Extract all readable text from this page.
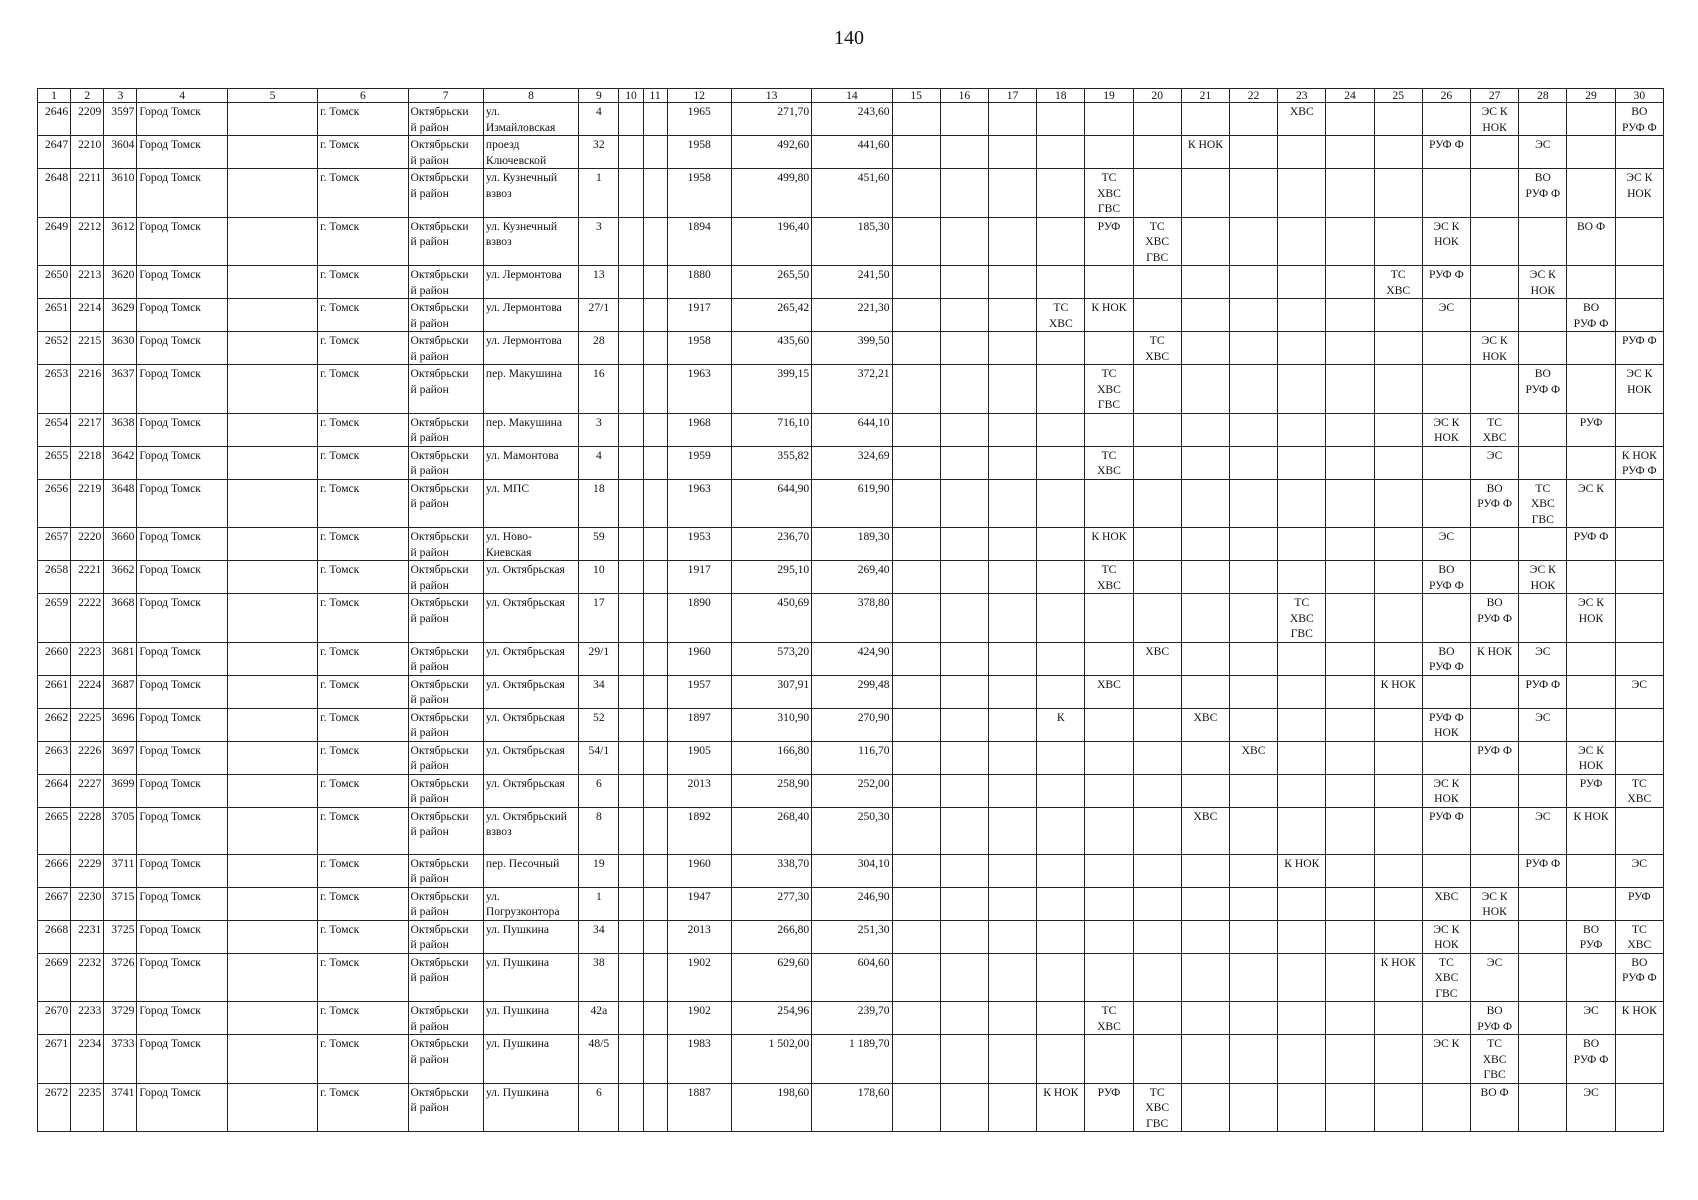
140
1	2	3	4	5	6	7	8	9	10	11	12	13	14	15	16	17	18	19	20	21	22	23	24	25	26	27	28	29	30
2646	2209	3597	Город Томск		г. Томск	Октябрьски
й район	ул.
Измайловская	4			1965	271,70	243,60									ХВС				ЭС К
НОК			ВО
РУФ Ф
2647	2210	3604	Город Томск		г. Томск	Октябрьски
й район	проезд
Ключевской	32			1958	492,60	441,60							К НОК					РУФ Ф		ЭС		
2648	2211	3610	Город Томск		г. Томск	Октябрьски
й район	ул. Кузнечный
взвоз	1			1958	499,80	451,60					ТС
ХВС
ГВС									ВО
РУФ Ф		ЭС К
НОК
2649	2212	3612	Город Томск		г. Томск	Октябрьски
й район	ул. Кузнечный
взвоз	3			1894	196,40	185,30					РУФ	ТС
ХВС
ГВС						ЭС К
НОК			ВО Ф	
2650	2213	3620	Город Томск		г. Томск	Октябрьски
й район	ул. Лермонтова	13			1880	265,50	241,50											ТС
ХВС	РУФ Ф		ЭС К
НОК		
2651	2214	3629	Город Томск		г. Томск	Октябрьски
й район	ул. Лермонтова	27/1			1917	265,42	221,30				ТС
ХВС	К НОК							ЭС			ВО
РУФ Ф	
2652	2215	3630	Город Томск		г. Томск	Октябрьски
й район	ул. Лермонтова	28			1958	435,60	399,50						ТС
ХВС							ЭС К
НОК			РУФ Ф
2653	2216	3637	Город Томск		г. Томск	Октябрьски
й район	пер. Макушина	16			1963	399,15	372,21					ТС
ХВС
ГВС									ВО
РУФ Ф		ЭС К
НОК
2654	2217	3638	Город Томск		г. Томск	Октябрьски
й район	пер. Макушина	3			1968	716,10	644,10												ЭС К
НОК	ТС
ХВС		РУФ	
2655	2218	3642	Город Томск		г. Томск	Октябрьски
й район	ул. Мамонтова	4			1959	355,82	324,69					ТС
ХВС								ЭС			К НОК
РУФ Ф
2656	2219	3648	Город Томск		г. Томск	Октябрьски
й район	ул. МПС	18			1963	644,90	619,90													ВО
РУФ Ф	ТС
ХВС
ГВС	ЭС К	
2657	2220	3660	Город Томск		г. Томск	Октябрьски
й район	ул. Ново-
Киевская	59			1953	236,70	189,30					К НОК							ЭС			РУФ Ф	
2658	2221	3662	Город Томск		г. Томск	Октябрьски
й район	ул. Октябрьская	10			1917	295,10	269,40					ТС
ХВС							ВО
РУФ Ф		ЭС К
НОК		
2659	2222	3668	Город Томск		г. Томск	Октябрьски
й район	ул. Октябрьская	17			1890	450,69	378,80									ТС
ХВС
ГВС				ВО
РУФ Ф		ЭС К
НОК	
2660	2223	3681	Город Томск		г. Томск	Октябрьски
й район	ул. Октябрьская	29/1			1960	573,20	424,90						ХВС						ВО
РУФ Ф	К НОК	ЭС		
2661	2224	3687	Город Томск		г. Томск	Октябрьски
й район	ул. Октябрьская	34			1957	307,91	299,48					ХВС						К НОК			РУФ Ф		ЭС
2662	2225	3696	Город Томск		г. Томск	Октябрьски
й район	ул. Октябрьская	52			1897	310,90	270,90				К			ХВС					РУФ Ф
НОК		ЭС		
2663	2226	3697	Город Томск		г. Томск	Октябрьски
й район	ул. Октябрьская	54/1			1905	166,80	116,70								ХВС					РУФ Ф		ЭС К
НОК	
2664	2227	3699	Город Томск		г. Томск	Октябрьски
й район	ул. Октябрьская	6			2013	258,90	252,00												ЭС К
НОК			РУФ	ТС
ХВС
2665	2228	3705	Город Томск		г. Томск	Октябрьски
й район	ул. Октябрьский
взвоз	8			1892	268,40	250,30							ХВС					РУФ Ф		ЭС	К НОК	
2666	2229	3711	Город Томск		г. Томск	Октябрьски
й район	пер. Песочный	19			1960	338,70	304,10									К НОК					РУФ Ф		ЭС
2667	2230	3715	Город Томск		г. Томск	Октябрьски
й район	ул.
Погрузконтора	1			1947	277,30	246,90												ХВС	ЭС К
НОК			РУФ
2668	2231	3725	Город Томск		г. Томск	Октябрьски
й район	ул. Пушкина	34			2013	266,80	251,30												ЭС К
НОК			ВО
РУФ	ТС
ХВС
2669	2232	3726	Город Томск		г. Томск	Октябрьски
й район	ул. Пушкина	38			1902	629,60	604,60											К НОК	ТС
ХВС
ГВС	ЭС			ВО
РУФ Ф
2670	2233	3729	Город Томск		г. Томск	Октябрьски
й район	ул. Пушкина	42а			1902	254,96	239,70					ТС
ХВС								ВО
РУФ Ф		ЭС	К НОК
2671	2234	3733	Город Томск		г. Томск	Октябрьски
й район	ул. Пушкина	48/5			1983	1 502,00	1 189,70												ЭС К	ТС
ХВС
ГВС		ВО
РУФ Ф	
2672	2235	3741	Город Томск		г. Томск	Октябрьски
й район	ул. Пушкина	6			1887	198,60	178,60				К НОК	РУФ	ТС
ХВС
ГВС							ВО Ф		ЭС	
